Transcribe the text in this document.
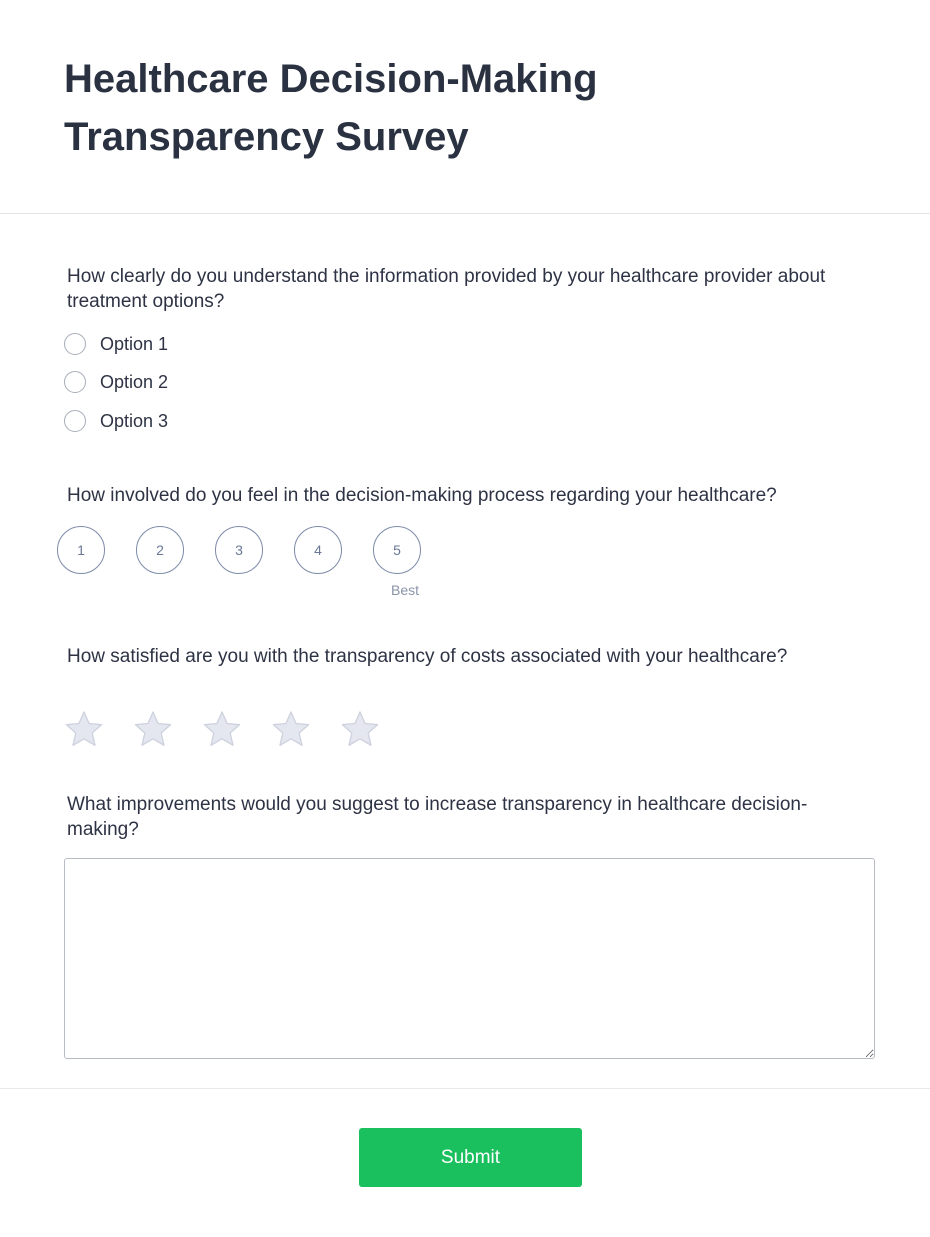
Healthcare Decision-Making Transparency Survey
How clearly do you understand the information provided by your healthcare provider about treatment options?
Option 1
Option 2
Option 3
How involved do you feel in the decision-making process regarding your healthcare?
1	2	3	4	5
Best
How satisfied are you with the transparency of costs associated with your healthcare?
What improvements would you suggest to increase transparency in healthcare decision-making?
Submit
